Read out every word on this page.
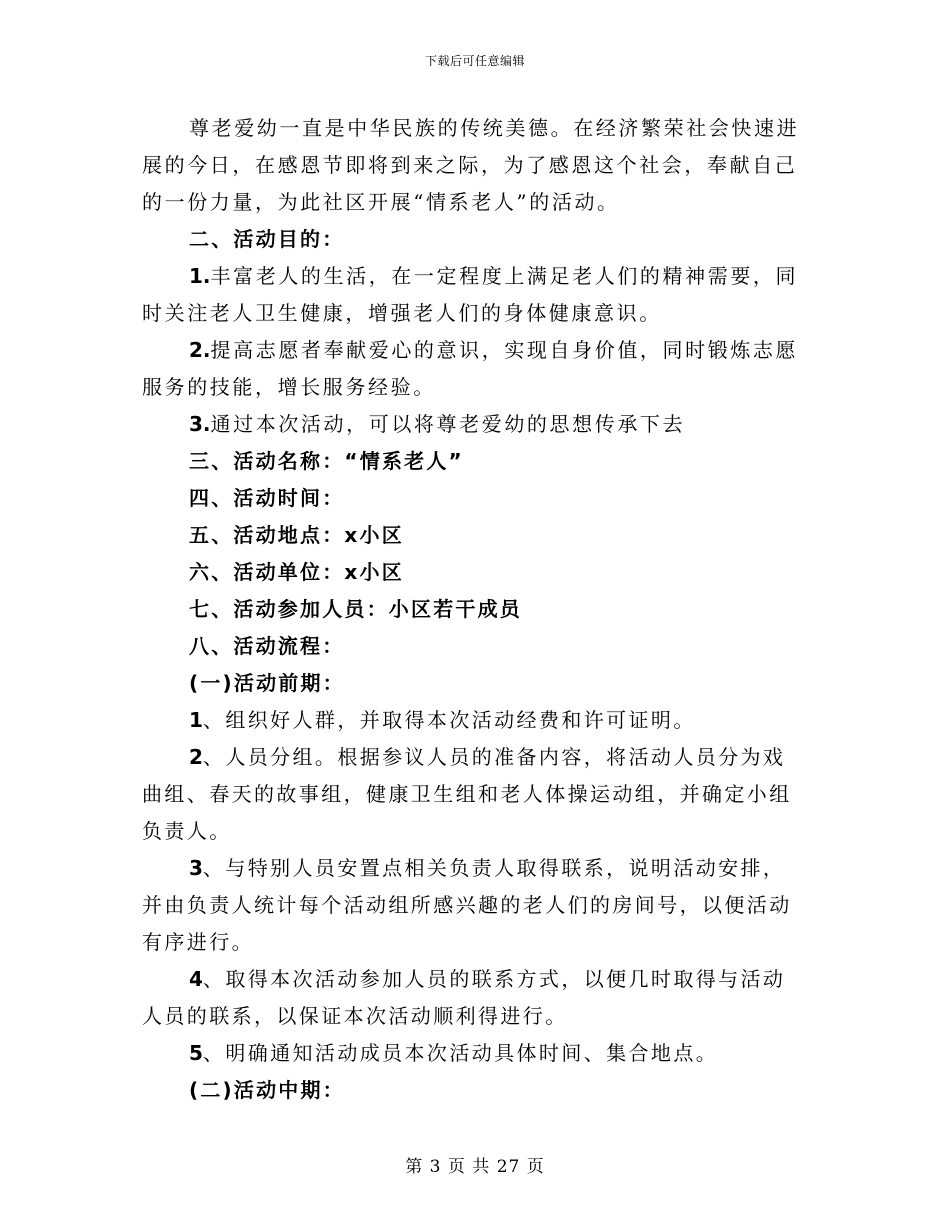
下载后可任意编辑

尊老爱幼一直是中华民族的传统美德。在经济繁荣社会快速进展的今日，在感恩节即将到来之际，为了感恩这个社会，奉献自己的一份力量，为此社区开展“情系老人”的活动。

二、活动目的：

1.丰富老人的生活，在一定程度上满足老人们的精神需要，同时关注老人卫生健康，增强老人们的身体健康意识。

2.提高志愿者奉献爱心的意识，实现自身价值，同时锻炼志愿服务的技能，增长服务经验。

3.通过本次活动，可以将尊老爱幼的思想传承下去

三、活动名称：“情系老人”

四、活动时间：

五、活动地点：x小区

六、活动单位：x小区

七、活动参加人员：小区若干成员

八、活动流程：

(一)活动前期：

1、组织好人群，并取得本次活动经费和许可证明。

2、人员分组。根据参议人员的准备内容，将活动人员分为戏曲组、春天的故事组，健康卫生组和老人体操运动组，并确定小组负责人。

3、与特别人员安置点相关负责人取得联系，说明活动安排，并由负责人统计每个活动组所感兴趣的老人们的房间号，以便活动有序进行。

4、取得本次活动参加人员的联系方式，以便几时取得与活动人员的联系，以保证本次活动顺利得进行。

5、明确通知活动成员本次活动具体时间、集合地点。

(二)活动中期：

第 3 页 共 27 页
